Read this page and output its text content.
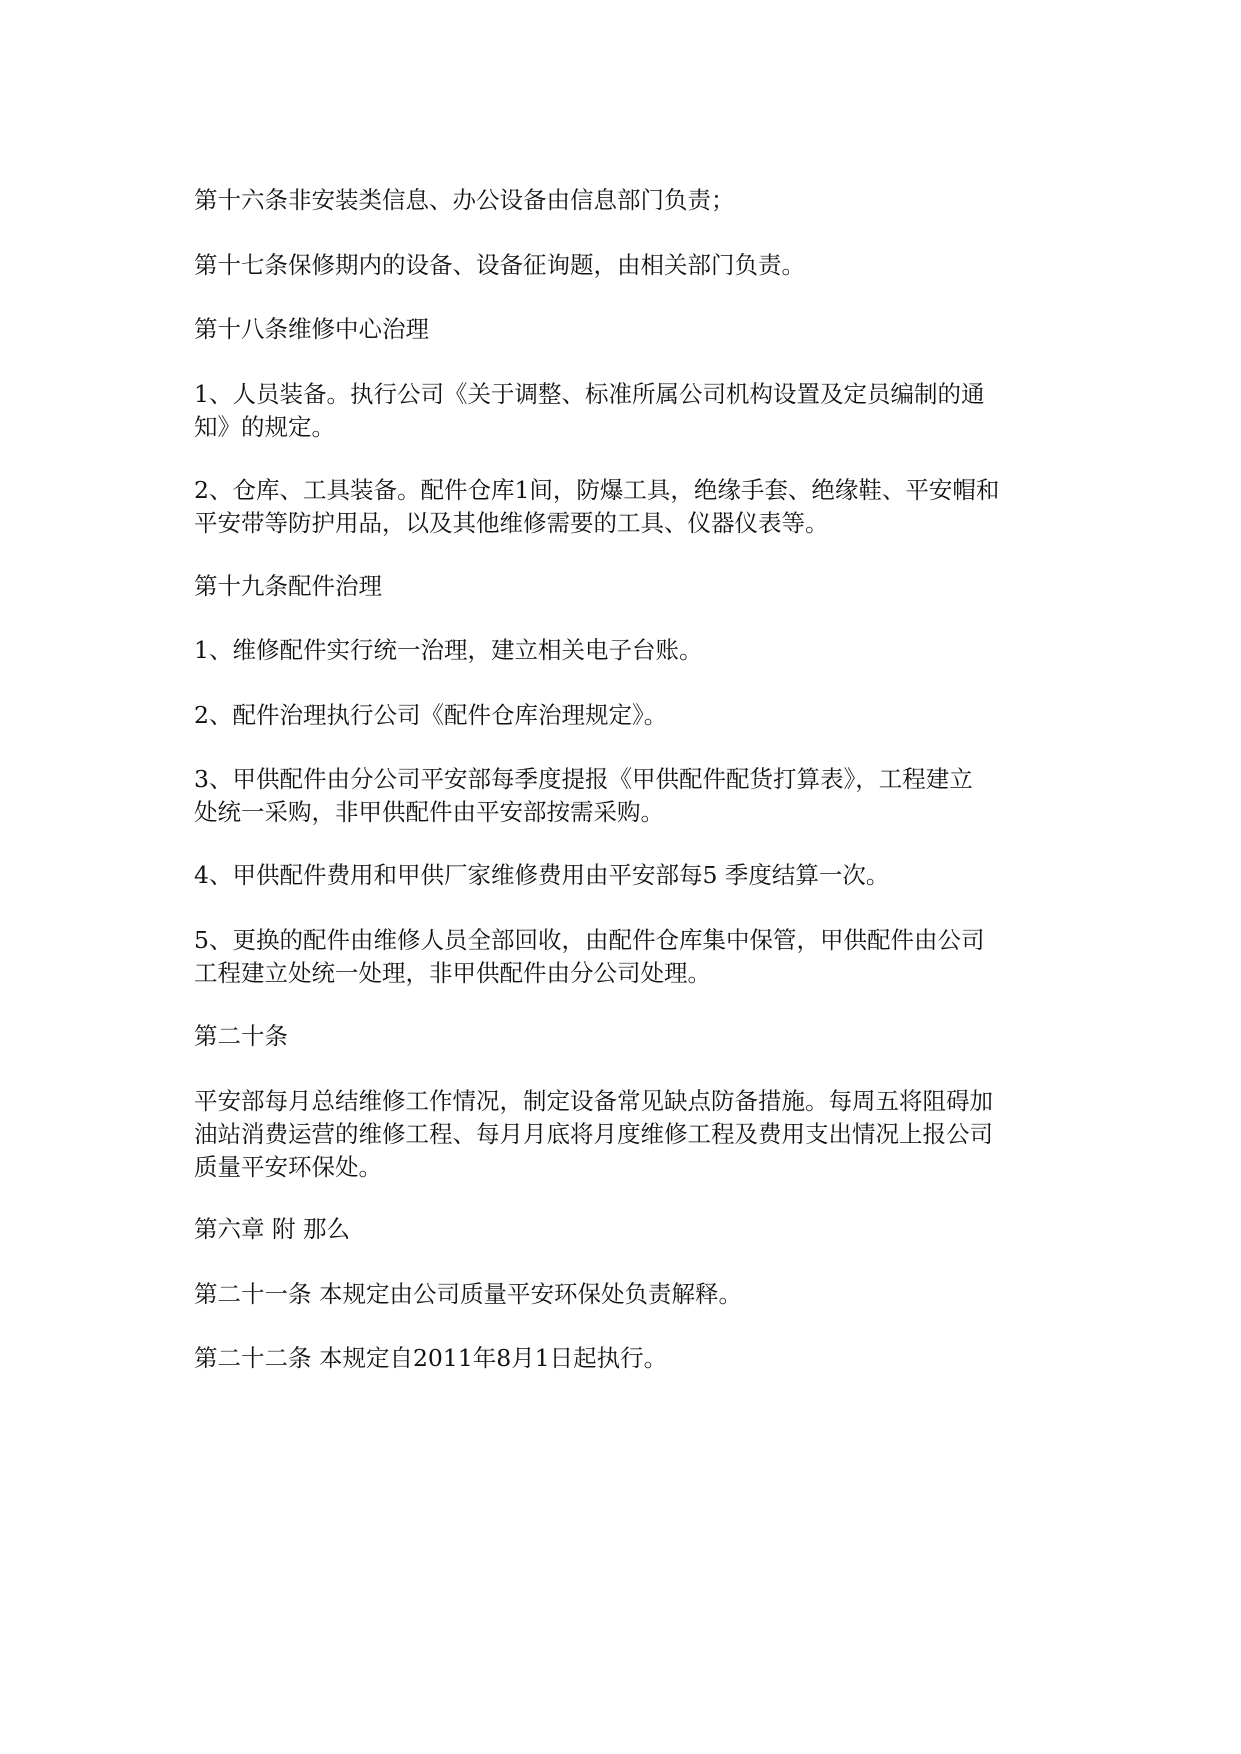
第十六条非安装类信息、办公设备由信息部门负责；

第十七条保修期内的设备、设备征询题，由相关部门负责。

第十八条维修中心治理

1、人员装备。执行公司《关于调整、标准所属公司机构设置及定员编制的通
知》的规定。

2、仓库、工具装备。配件仓库1间，防爆工具，绝缘手套、绝缘鞋、平安帽和
平安带等防护用品，以及其他维修需要的工具、仪器仪表等。

第十九条配件治理

1、维修配件实行统一治理，建立相关电子台账。

2、配件治理执行公司《配件仓库治理规定》。

3、甲供配件由分公司平安部每季度提报《甲供配件配货打算表》，工程建立
处统一采购，非甲供配件由平安部按需采购。

4、甲供配件费用和甲供厂家维修费用由平安部每5 季度结算一次。

5、更换的配件由维修人员全部回收，由配件仓库集中保管，甲供配件由公司
工程建立处统一处理，非甲供配件由分公司处理。

第二十条

平安部每月总结维修工作情况，制定设备常见缺点防备措施。每周五将阻碍加
油站消费运营的维修工程、每月月底将月度维修工程及费用支出情况上报公司
质量平安环保处。

第六章 附 那么

第二十一条 本规定由公司质量平安环保处负责解释。

第二十二条 本规定自2011年8月1日起执行。
